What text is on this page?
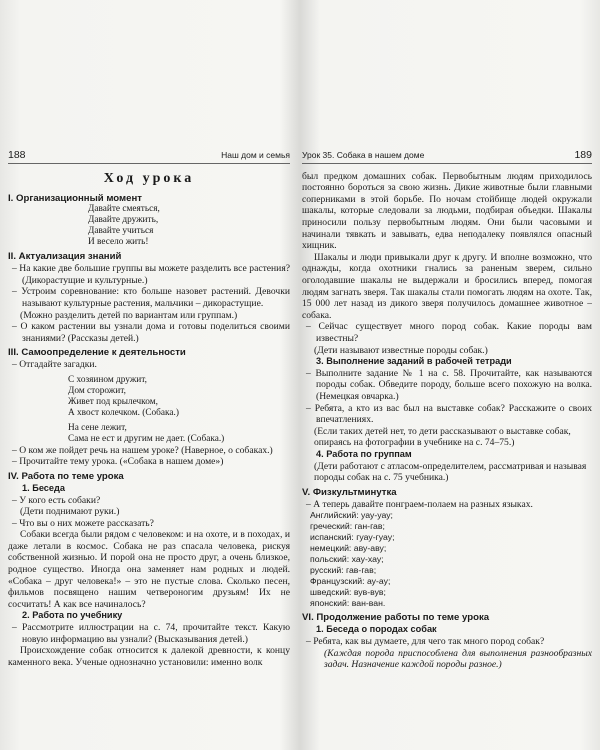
188	Наш дом и семья
Ход урока
I. Организационный момент

Давайте смеяться,

Давайте дружить,

Давайте учиться

И весело жить!

II. Актуализация знаний

– На какие две большие группы вы можете разделить все растения? (Дикорастущие и культурные.)

– Устроим соревнование: кто больше назовет растений. Девочки называют культурные растения, мальчики – дикорастущие.

(Можно разделить детей по вариантам или группам.)

– О каком растении вы узнали дома и готовы поделиться своими знаниями? (Рассказы детей.)

III. Самоопределение к деятельности

– Отгадайте загадки.

С хозяином дружит,

Дом сторожит,

Живет под крылечком,

А хвост колечком. (Собака.)

На сене лежит,

Сама не ест и другим не дает. (Собака.)

– О ком же пойдет речь на нашем уроке? (Наверное, о собаках.)

– Прочитайте тему урока. («Собака в нашем доме»)

IV. Работа по теме урока
1. Беседа

– У кого есть собаки?

(Дети поднимают руки.)

– Что вы о них можете рассказать?

Собаки всегда были рядом с человеком: и на охоте, и в походах, и даже летали в космос. Собака не раз спасала человека, рискуя собственной жизнью. И порой она не просто друг, а очень близкое, родное существо. Иногда она заменяет нам родных и людей. «Собака – друг человека!» – это не пустые слова. Сколько песен, фильмов посвящено нашим четвероногим друзьям! Их не сосчитать! А как все начиналось?

2. Работа по учебнику

– Рассмотрите иллюстрации на с. 74, прочитайте текст. Какую новую информацию вы узнали? (Высказывания детей.)

Происхождение собак относится к далекой древности, к концу каменного века. Ученые однозначно установили: именно волк

Урок 35. Собака в нашем доме	189

был предком домашних собак. Первобытным людям приходилось постоянно бороться за свою жизнь. Дикие животные были главными соперниками в этой борьбе. По ночам стойбище людей окружали шакалы, которые следовали за людьми, подбирая объедки. Шакалы приносили пользу первобытным людям. Они были часовыми и начинали тявкать и завывать, едва неподалеку появлялся опасный хищник.

Шакалы и люди привыкали друг к другу. И вполне возможно, что однажды, когда охотники гнались за раненым зверем, сильно оголодавшие шакалы не выдержали и бросились вперед, помогая людям загнать зверя. Так шакалы стали помогать людям на охоте. Так, 15 000 лет назад из дикого зверя получилось домашнее животное – собака.

– Сейчас существует много пород собак. Какие породы вам известны?

(Дети называют известные породы собак.)

3. Выполнение заданий в рабочей тетради

– Выполните задание № 1 на с. 58. Прочитайте, как называются породы собак. Обведите породу, больше всего похожую на волка. (Немецкая овчарка.)

– Ребята, а кто из вас был на выставке собак? Расскажите о своих впечатлениях.

(Если таких детей нет, то дети рассказывают о выставке собак, опираясь на фотографии в учебнике на с. 74–75.)

4. Работа по группам

(Дети работают с атласом-определителем, рассматривая и называя породы собак на с. 75 учебника.)

V. Физкультминутка

– А теперь давайте понграем-полаем на разных языках.

Английский: уау-уау;

греческий: ган-гав;

испанский: гуау-гуау;

немецкий: аву-аву;

польский: хау-хау;

русский: гав-гав;

Французский: ау-ау;

шведский: вув-вув;

японский: ван-ван.

VI. Продолжение работы по теме урока
1. Беседа о породах собак

– Ребята, как вы думаете, для чего так много пород собак?

(Каждая порода приспособлена для выполнения разнообразных задач. Назначение каждой породы разное.)
